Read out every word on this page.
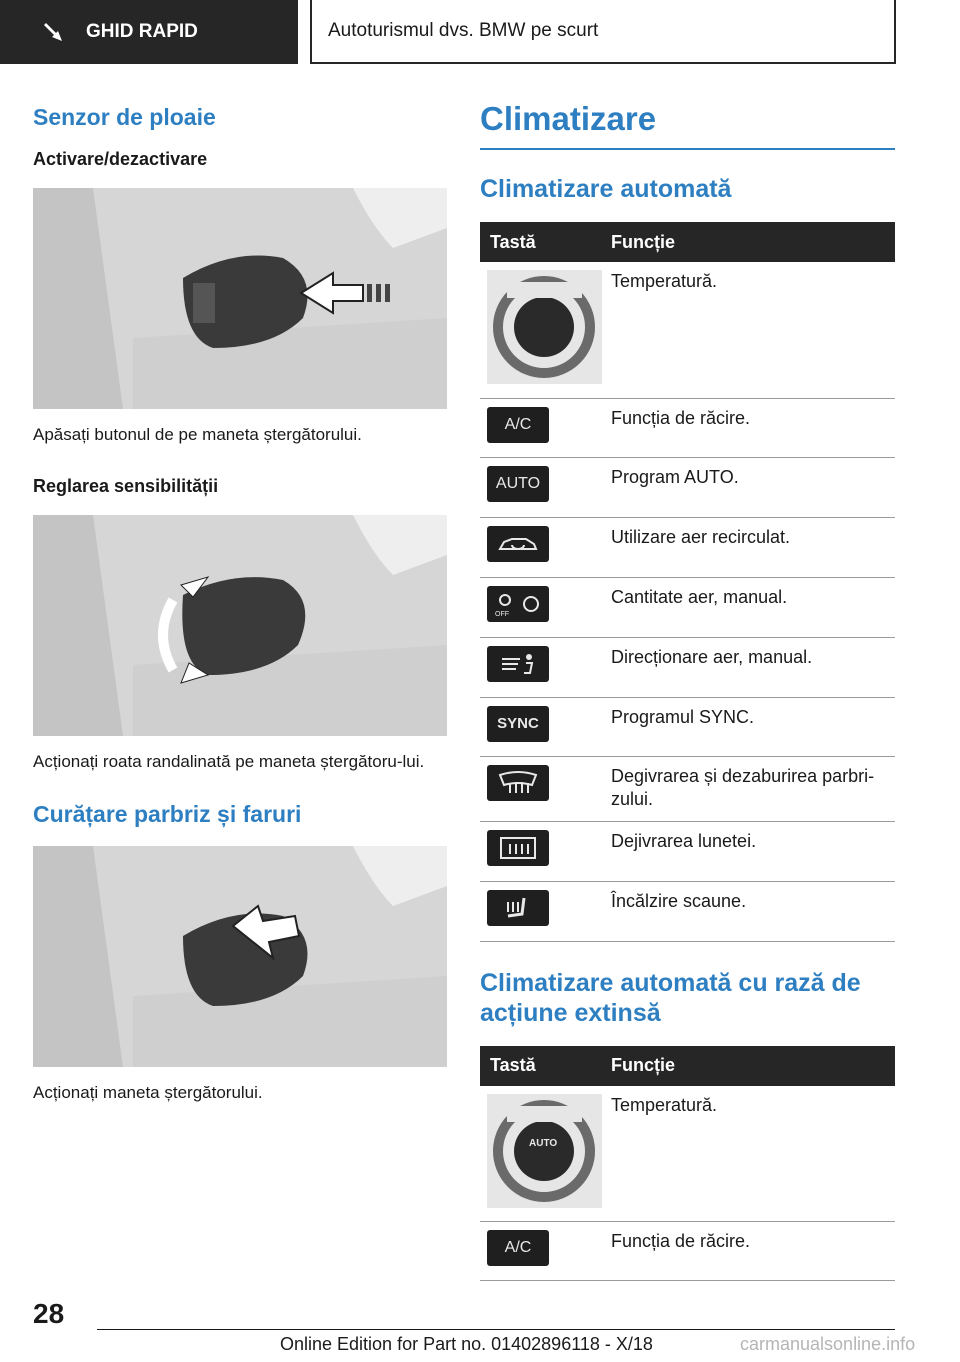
GHID RAPID	Autoturismul dvs. BMW pe scurt
Senzor de ploaie
Activare/dezactivare
Apăsați butonul de pe maneta ștergătorului.
Reglarea sensibilității
Acționați roata randalinată pe maneta ștergătoru-lui.
Curățare parbriz și faruri
Acționați maneta ștergătorului.
Climatizare
Climatizare automată
Tastă	Funcție

	Temperatură.

A/C	Funcția de răcire.

AUTO	Program AUTO.

	Utilizare aer recirculat.

OFF	Cantitate aer, manual.

	Direcționare aer, manual.

SYNC	Programul SYNC.

	Degivrarea și dezaburirea parbri-zului.

	Dejivrarea lunetei.

	Încălzire scaune.
Climatizare automată cu rază de acțiune extinsă
Tastă	Funcție

AUTO	Temperatură.

A/C	Funcția de răcire.
28
Online Edition for Part no. 01402896118 - X/18	carmanualsonline.info
